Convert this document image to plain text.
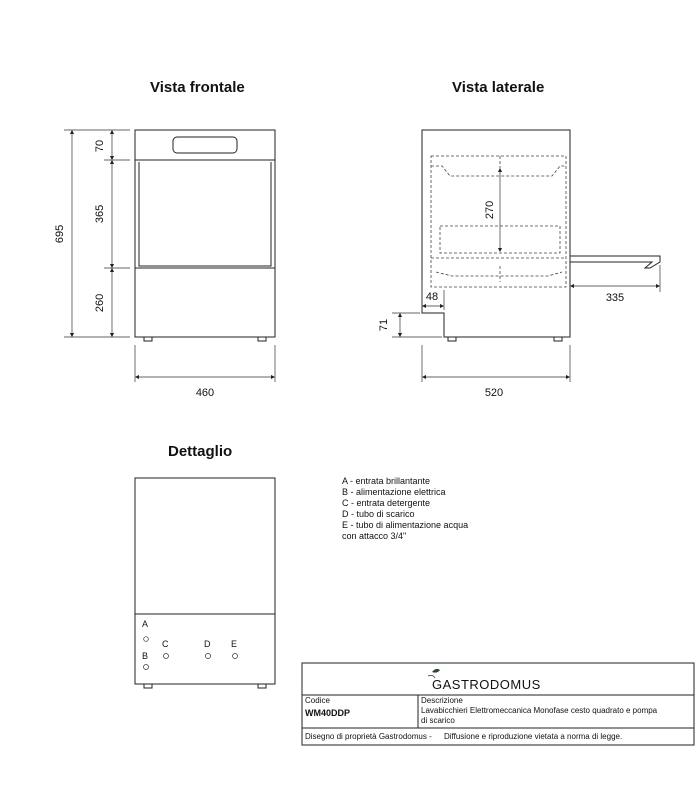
Vista frontale	Vista laterale
Dettaglio
695
70
365
260
460
270
48	335
71
520
A
B
C	D E
A - entrata brillantante
B - alimentazione elettrica
C - entrata detergente
D - tubo di scarico
E - tubo di alimentazione acqua
con attacco 3/4"
GASTRODOMUS
Codice
WM40DDP
Descrizione
Lavabicchieri Elettromeccanica Monofase cesto quadrato e pompa
di scarico
Disegno di proprietà Gastrodomus - Diffusione e riproduzione vietata a norma di legge.
